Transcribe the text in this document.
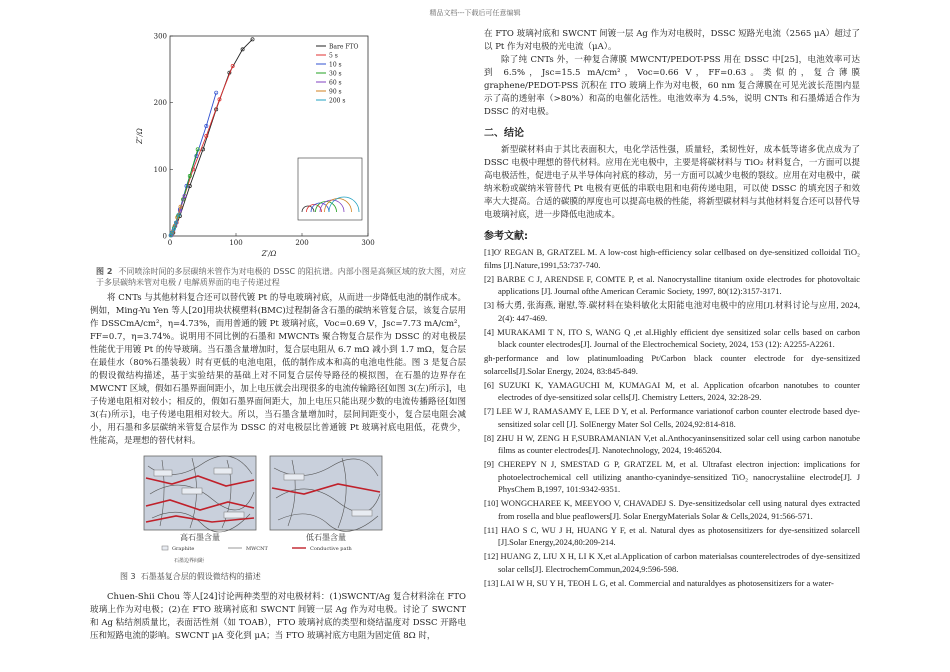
精品文档---下载后可任意编辑
0	100	200	300
0
100
200
300
Z′/Ω
Z″/Ω
Bare FTO
5 s
10 s
30 s
60 s
90 s
200 s
图 2 不同喷涂时间的多层碳纳米管作为对电极的 DSSC 的阻抗谱。内部小图是高频区域的放大图，对应于多层碳纳米管对电极 / 电解质界面的电子传递过程

将 CNTs 与其他材料复合还可以替代镀 Pt 的导电玻璃衬底，从而进一步降低电池的制作成本。例如，Ming-Yu Yen 等人[20]用块状模塑料(BMC)过程制备含石墨的碳纳米管复合层，该复合层用作 DSSCmA/cm²，η=4.73%，而用普通的镀 Pt 玻璃衬底，Voc=0.69 V，Jsc=7.73 mA/cm²，FF=0.7，η=3.74%。说明用不同比例的石墨和 MWCNTs 聚合物复合层作为 DSSC 的对电极层性能优于用镀 Pt 的传导玻璃。当石墨含量增加时，复合层电阻从 6.7 mΩ 减小到 1.7 mΩ，复合层在最佳水（80%石墨装载）时有更低的电池电阻，低的制作成本和高的电池电性能。图 3 是复合层的假设微结构描述，基于实验结果的基础上对不同复合层传导路径的模拟图，在石墨的边界存在 MWCNT 区域，假如石墨界面间距小，加上电压就会出现很多的电流传输路径[如图 3(左)所示]，电子传递电阻相对较小；相反的，假如石墨界面间距大，加上电压只能出现少数的电流传播路径[如图 3(右)所示]，电子传递电阻相对较大。所以，当石墨含量增加时，层间间距变小，复合层电阻会减小，用石墨和多层碳纳米管复合层作为 DSSC 的对电极层比普通镀 Pt 玻璃衬底电阻低，花费少，性能高，是理想的替代材料。

高石墨含量	低石墨含量
Graphite	MWCNT	Conductive path
石墨边界间距
图 3 石墨基复合层的假设微结构的描述

Chuen-Shii Chou 等人[24]讨论两种类型的对电极材料：(1)SWCNT/Ag 复合材料涂在 FTO 玻璃上作为对电极；(2)在 FTO 玻璃衬底和 SWCNT 间镀一层 Ag 作为对电极。讨论了 SWCNT 和 Ag 粘结剂质量比，表面活性剂（如 TOAB），FTO 玻璃衬底的类型和烧结温度对 DSSC 开路电压和短路电流的影响。SWCNT μA 变化到 μA；当 FTO 玻璃衬底方电阻为固定值 8Ω 时，

在 FTO 玻璃衬底和 SWCNT 间镀一层 Ag 作为对电极时，DSSC 短路光电流（2565 μA）超过了以 Pt 作为对电极的光电流（μA）。

除了纯 CNTs 外，一种复合薄膜 MWCNT/PEDOT-PSS 用在 DSSC 中[25]，电池效率可达到 6.5%，Jsc=15.5 mA/cm²，Voc=0.66 V，FF=0.63。类似的，复合薄膜 graphene/PEDOT-PSS 沉积在 ITO 玻璃上作为对电极，60 nm 复合薄膜在可见光波长范围内显示了高的透射率（>80%）和高的电催化活性。电池效率为 4.5%，说明 CNTs 和石墨烯适合作为 DSSC 的对电极。

二、结论

新型碳材料由于其比表面积大，电化学活性强，质量轻，柔韧性好，成本低等诸多优点成为了 DSSC 电极中理想的替代材料。应用在光电极中，主要是将碳材料与 TiO₂ 材料复合，一方面可以提高电极活性，促进电子从半导体向衬底的移动，另一方面可以减少电极的裂纹。应用在对电极中，碳纳米粉或碳纳米管替代 Pt 电极有更低的串联电阻和电荷传递电阻，可以使 DSSC 的填充因子和效率大大提高。合适的碳膜的厚度也可以提高电极的性能，将新型碳材料与其他材料复合还可以替代导电玻璃衬底，进一步降低电池成本。

参考文献:
[1]O' REGAN B, GRATZEL M. A low-cost high-efficiency solar cellbased on dye-sensitized colloidal TiO₂ films [J].Nature,1991,53:737-740.
[2] BARBE C J, ARENDSE F, COMTE P, et al. Nanocrystalline titanium oxide electrodes for photovoltaic applications [J]. Journal ofthe American Ceramic Society, 1997, 80(12):3157-3171.
[3] 杨大勇, 张海燕, 谢慰,等.碳材料在染料敏化太阳能电池对电极中的应用[J].材料讨论与应用, 2024, 2(4): 447-469.
[4] MURAKAMI T N, ITO S, WANG Q ,et al.Highly efficient dye sensitized solar cells based on carbon black counter electrodes[J]. Journal of the Electrochemical Society, 2024, 153 (12): A2255-A2261.
gh-performance and low platinumloading Pt/Carbon black counter electrode for dye-sensitized solarcells[J].Solar Energy, 2024, 83:845-849.
[6] SUZUKI K, YAMAGUCHI M, KUMAGAI M, et al. Application ofcarbon nanotubes to counter electrodes of dye-sensitized solar cells[J]. Chemistry Letters, 2024, 32:28-29.
[7] LEE W J, RAMASAMY E, LEE D Y, et al. Performance variationof carbon counter electrode based dye-sensitized solar cell [J]. SolEnergy Mater Sol Cells, 2024,92:814-818.
[8] ZHU H W, ZENG H F,SUBRAMANIAN V,et al.Anthocyaninsensitized solar cell using carbon nanotube films as counter electrodes[J]. Nanotechnology, 2024, 19:465204.
[9] CHEREPY N J, SMESTAD G P, GRATZEL M, et al. Ultrafast electron injection: implications for photoelectrochemical cell utilizing anantho-cyanindye-sensitized TiO₂ nanocrystaliine electrode[J]. J PhysChem B,1997, 101:9342-9351.
[10] WONGCHAREE K, MEEYOO V, CHAVADEJ S. Dye-sensitizedsolar cell using natural dyes extracted from rosella and blue peaflowers[J]. Solar EnergyMaterials Solar & Cells,2024, 91:566-571.
[11] HAO S C, WU J H, HUANG Y F, et al. Natural dyes as photosensitizers for dye-sensitized solarcell [J].Solar Energy,2024,80:209-214.
[12] HUANG Z, LIU X H, LI K X,et al.Application of carbon materialsas counterelectrodes of dye-sensitized solar cells[J]. ElectrochemCommun,2024,9:596-598.
[13] LAI W H, SU Y H, TEOH L G, et al. Commercial and naturaldyes as photosensitizers for a water-
